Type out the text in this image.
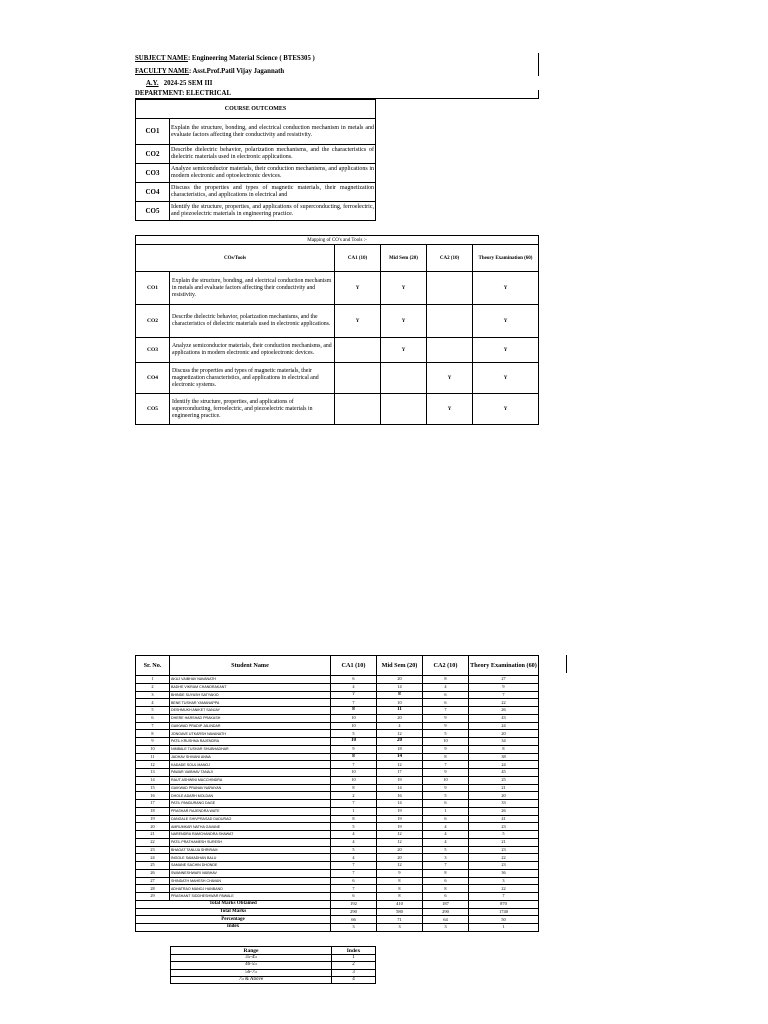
SUBJECT NAME: Engineering Material Science ( BTES305 )
FACULTY NAME: Asst.Prof.Patil Vijay Jagannath
A.Y. 2024-25 SEM III
DEPARTMENT: ELECTRICAL
COURSE OUTCOMES	
CO1	Explain the structure, bonding, and electrical conduction mechanism in metals and evaluate factors affecting their conductivity and resistivity.
CO2	Describe dielectric behavior, polarization mechanisms, and the characteristics of dielectric materials used in electronic applications.
CO3	Analyze semiconductor materials, their conduction mechanisms, and applications in modern electronic and optoelectronic devices.
CO4	Discuss the properties and types of magnetic materials, their magnetization characteristics, and applications in electrical and
CO5	Identify the structure, properties, and applications of superconducting, ferroelectric, and piezoelectric materials in engineering practice.
Mapping of CO's and Tools :-					
COs/Tools		CA1 (10)	Mid Sem (20)	CA2 (10)	Theory Examination (60)
CO1	Explain the structure, bonding, and electrical conduction mechanism in metals and evaluate factors affecting their conductivity and resistivity.	Y	Y		Y
CO2	Describe dielectric behavior, polarization mechanisms, and the characteristics of dielectric materials used in electronic applications.	Y	Y		Y
CO3	Analyze semiconductor materials, their conduction mechanisms, and applications in modern electronic and optoelectronic devices.		Y		Y
CO4	Discuss the properties and types of magnetic materials, their magnetization characteristics, and applications in electrical and electronic systems.			Y	Y
CO5	Identify the structure, properties, and applications of superconducting, ferroelectric, and piezoelectric materials in engineering practice.			Y	Y
Sr. No.	Student Name	CA1 (10)	Mid Sem (20)	CA2 (10)	Theory Examination (60)
1	AKUJ VAIBHAV NAVANATH	6	20	8	27
2	BADHE VIKRAM CHANDRAKANT	4	14	4	9
3	BHINDE SUYASH SATYAKIO	7	8	6	7
4	BENE TUSHAR YAMANAPPA	7	10	6	22
5	DESHMUKH ANIKET SANJAY	8	11	7	26
6	DHERE HARSHAD PRAKASH	10	20	9	43
7	GAIKWAD PRADIP JALINDAR	10	4	9	24
8	JONGAVE UTKARSH NAVANATH	5	12	5	20
9	PATIL KRUSHNA RAJENDRA	10	20	10	34
10	NIMBALE TUSHAR SHUBHADHAR	9	18	9	8
11	JADHAV SHIVANI ANNA	8	14	8	38
12	KADADE SOUL MANOJ	7	12	7	24
13	PAWAR VAIBHAV TANAJI	10	17	9	45
14	RAUT ASHWINI MACCHINDRA	10	19	10	25
15	GAIKWAD PRANAV NARAYAN	8	14	9	21
16	DHOLE ADARH MOLDAN	2	16	5	20
17	PATIL PANDURANG DAGE	7	14	6	33
18	PRASHAR RAJENDRA WATE	1	19	1	26
19	DANGALE SHIVPRASAD DADURAO	8	19	6	41
20	AMRUMKAR NATHA GAVANE	5	19	4	23
21	NARENDRA RAMCHANDRA SHAWAT	4	12	4	5
22	PATIL PRATHAMESH SURESH	4	12	4	21
23	BHAGAT TANUJA SHRIRAM	5	20	5	23
24	INGOLE SAMADHAN BALU	4	20	3	22
25	SAMANE SACHIN DHONDE	7	12	7	23
26	SWANNESHWARI VAIBHAV	7	9	8	36
27	SHINDATH MAHESH CHAVAN	6	8	6	3
28	ADHATRAO MANOJ HANBAND	7	8	8	22
29	PRASHANT SIDDHESHWAR PAWALE	6	8	6	7
Total Marks Obtained		192	410	187	870
Total Marks		290	580	290	1740
Percentage		66	71	64	50
Index		3	3	3	1
Range	Index
35-45	1
46-55	2
56-75	3
75 & Above	4
